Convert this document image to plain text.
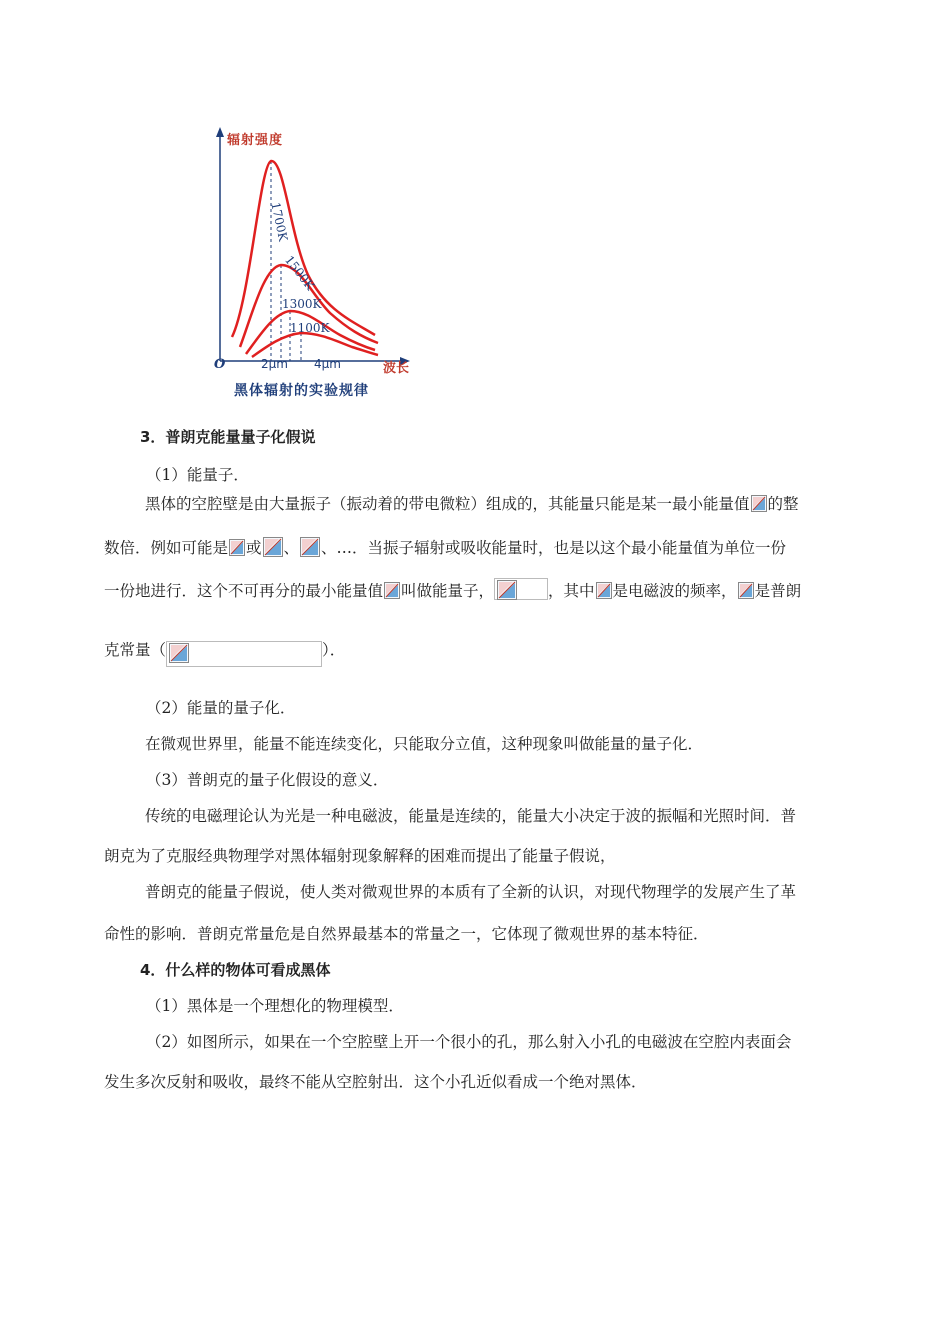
辐射强度
波长
O	2μm 4μm
1700K
1500K
1300K
1100K
黑体辐射的实验规律
3．普朗克能量量子化假说
（1）能量子．
黑体的空腔壁是由大量振子（振动着的带电微粒）组成的，其能量只能是某一最小能量值 的整
数倍．例如可能是 或 、 、…．当振子辐射或吸收能量时，也是以这个最小能量值为单位一份
一份地进行．这个不可再分的最小能量值 叫做能量子，	，其中 是电磁波的频率， 是普朗
克常量（	）．
（2）能量的量子化．
在微观世界里，能量不能连续变化，只能取分立值，这种现象叫做能量的量子化．
（3）普朗克的量子化假设的意义．
传统的电磁理论认为光是一种电磁波，能量是连续的，能量大小决定于波的振幅和光照时间．普
朗克为了克服经典物理学对黑体辐射现象解释的困难而提出了能量子假说，
普朗克的能量子假说，使人类对微观世界的本质有了全新的认识，对现代物理学的发展产生了革
命性的影响．普朗克常量危是自然界最基本的常量之一，它体现了微观世界的基本特征．
4．什么样的物体可看成黑体
（1）黑体是一个理想化的物理模型．
（2）如图所示，如果在一个空腔壁上开一个很小的孔，那么射入小孔的电磁波在空腔内表面会
发生多次反射和吸收，最终不能从空腔射出．这个小孔近似看成一个绝对黑体．
